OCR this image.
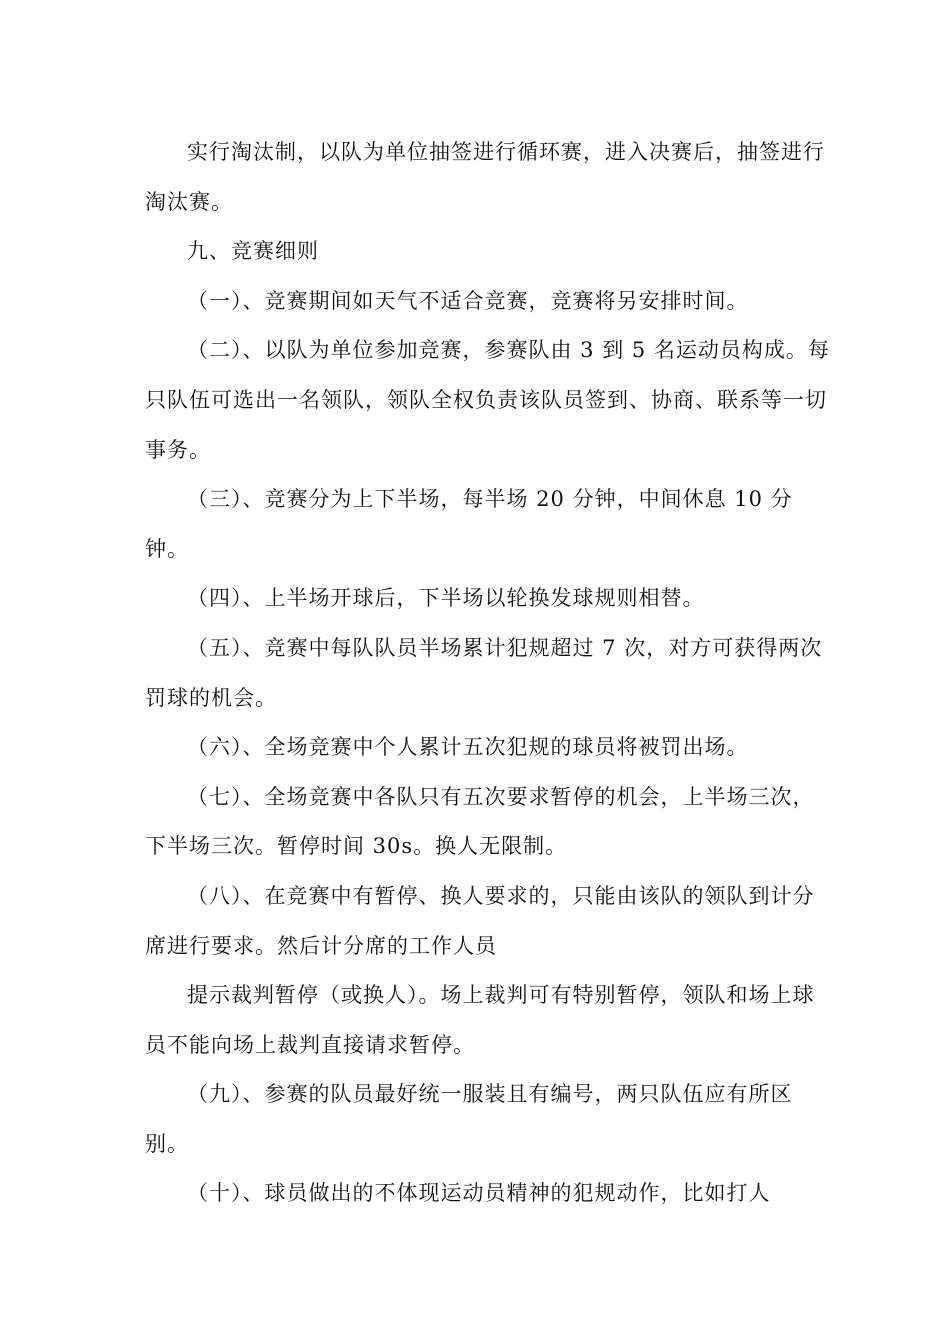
实行淘汰制，以队为单位抽签进行循环赛，进入决赛后，抽签进行淘汰赛。

九、竞赛细则

（一）、竞赛期间如天气不适合竞赛，竞赛将另安排时间。

（二）、以队为单位参加竞赛，参赛队由 3 到 5 名运动员构成。每只队伍可选出一名领队，领队全权负责该队员签到、协商、联系等一切事务。

（三）、竞赛分为上下半场，每半场 20 分钟，中间休息 10 分钟。

（四）、上半场开球后，下半场以轮换发球规则相替。

（五）、竞赛中每队队员半场累计犯规超过 7 次，对方可获得两次罚球的机会。

（六）、全场竞赛中个人累计五次犯规的球员将被罚出场。

（七）、全场竞赛中各队只有五次要求暂停的机会，上半场三次，下半场三次。暂停时间 30s。换人无限制。

（八）、在竞赛中有暂停、换人要求的，只能由该队的领队到计分席进行要求。然后计分席的工作人员

提示裁判暂停（或换人）。场上裁判可有特别暂停，领队和场上球员不能向场上裁判直接请求暂停。

（九）、参赛的队员最好统一服装且有编号，两只队伍应有所区别。

（十）、球员做出的不体现运动员精神的犯规动作，比如打人
